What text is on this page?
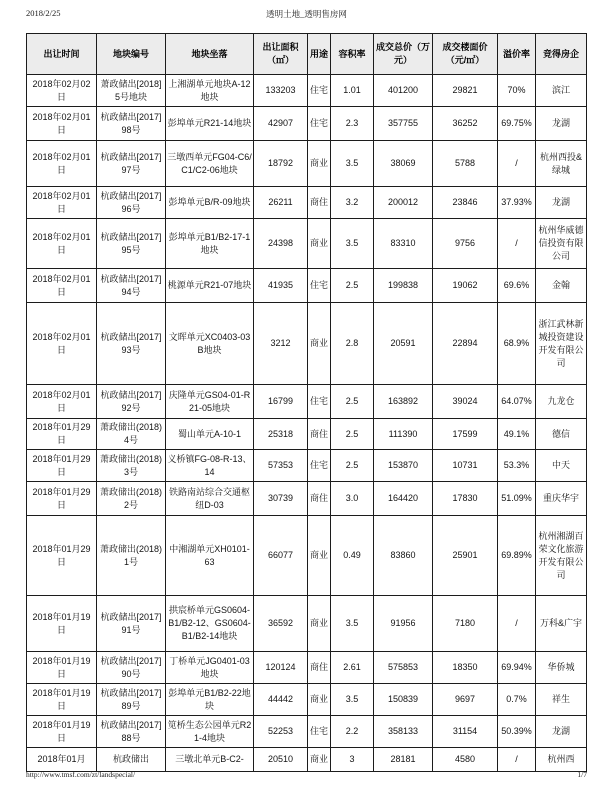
2018/2/25	透明土地_透明售房网
出让时间	地块编号	地块坐落	出让面积（㎡）	用途	容积率	成交总价（万元）	成交楼面价（元/㎡）	溢价率	竞得房企
2018年02月02日	萧政储出[2018]5号地块	上湘湖单元地块A-12地块	133203	住宅	1.01	401200	29821	70%	滨江
2018年02月01日	杭政储出[2017]98号	彭埠单元R21-14地块	42907	住宅	2.3	357755	36252	69.75%	龙湖
2018年02月01日	杭政储出[2017]97号	三墩西单元FG04-C6/C1/C2-06地块	18792	商业	3.5	38069	5788	/	杭州西投&绿城
2018年02月01日	杭政储出[2017]96号	彭埠单元B/R-09地块	26211	商住	3.2	200012	23846	37.93%	龙湖
2018年02月01日	杭政储出[2017]95号	彭埠单元B1/B2-17-1地块	24398	商业	3.5	83310	9756	/	杭州华威德信投资有限公司
2018年02月01日	杭政储出[2017]94号	桃源单元R21-07地块	41935	住宅	2.5	199838	19062	69.6%	金翰
2018年02月01日	杭政储出[2017]93号	文晖单元XC0403-03B地块	3212	商业	2.8	20591	22894	68.9%	浙江武林新城投资建设开发有限公司
2018年02月01日	杭政储出[2017]92号	庆隆单元GS04-01-R21-05地块	16799	住宅	2.5	163892	39024	64.07%	九龙仓
2018年01月29日	萧政储出(2018)4号	蜀山单元A-10-1	25318	商住	2.5	111390	17599	49.1%	德信
2018年01月29日	萧政储出(2018)3号	义桥镇FG-08-R-13、14	57353	住宅	2.5	153870	10731	53.3%	中天
2018年01月29日	萧政储出(2018)2号	铁路南站综合交通枢纽D-03	30739	商住	3.0	164420	17830	51.09%	重庆华宇
2018年01月29日	萧政储出(2018)1号	中湘湖单元XH0101-63	66077	商业	0.49	83860	25901	69.89%	杭州湘湖百荣文化旅游开发有限公司
2018年01月19日	杭政储出[2017]91号	拱宸桥单元GS0604-B1/B2-12、GS0604-B1/B2-14地块	36592	商业	3.5	91956	7180	/	万科&广宇
2018年01月19日	杭政储出[2017]90号	丁桥单元JG0401-03地块	120124	商住	2.61	575853	18350	69.94%	华侨城
2018年01月19日	杭政储出[2017]89号	彭埠单元B1/B2-22地块	44442	商业	3.5	150839	9697	0.7%	祥生
2018年01月19日	杭政储出[2017]88号	笕桥生态公园单元R21-4地块	52253	住宅	2.2	358133	31154	50.39%	龙湖
2018年01月	杭政储出	三墩北单元B-C2-	20510	商业	3	28181	4580	/	杭州西
http://www.tmsf.com/zt/landspecial/	1/7
